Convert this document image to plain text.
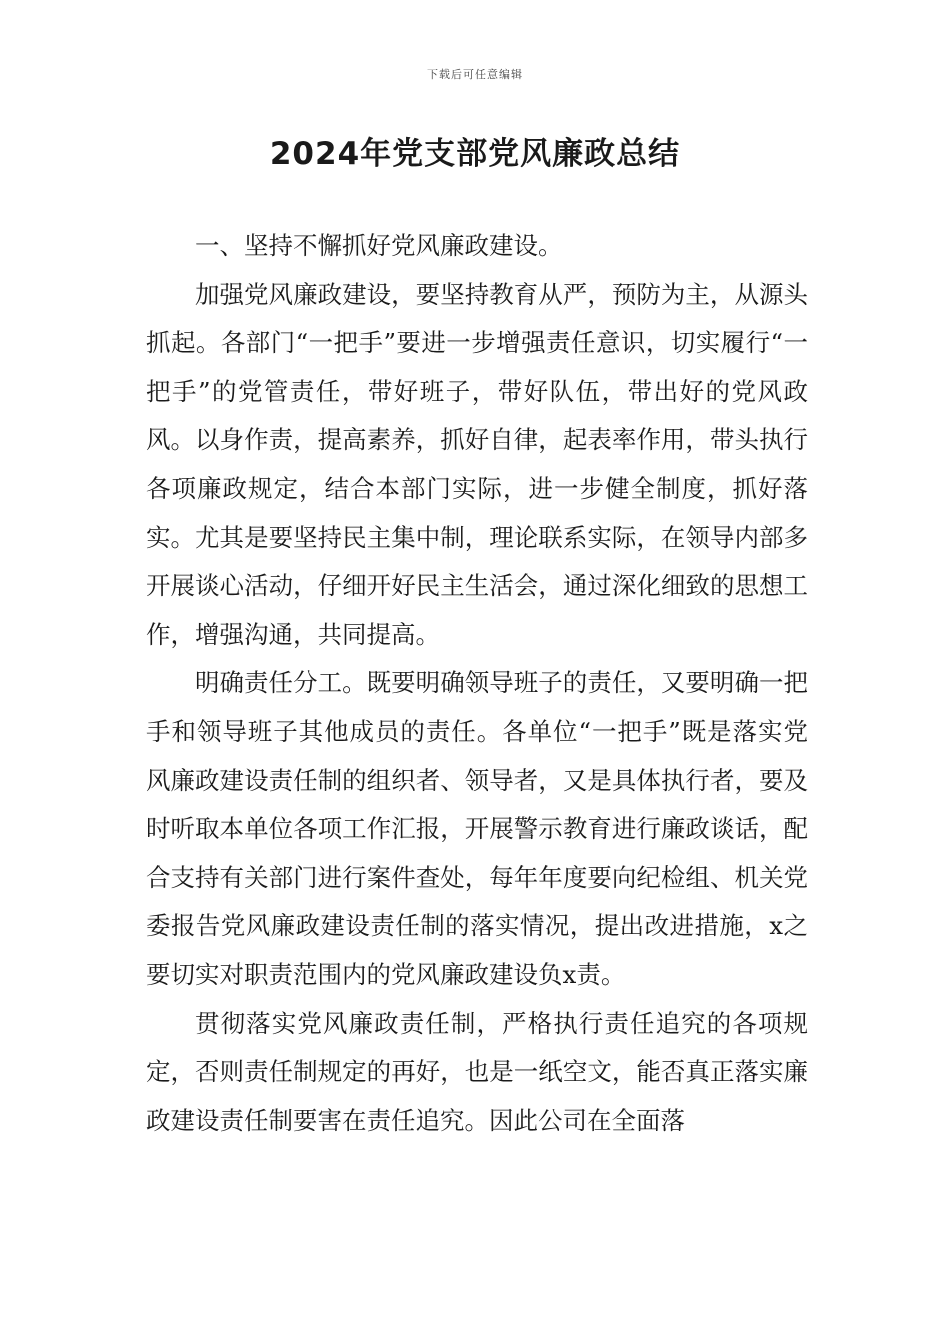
下载后可任意编辑
2024年党支部党风廉政总结

一、坚持不懈抓好党风廉政建设。

加强党风廉政建设，要坚持教育从严，预防为主，从源头抓起。各部门“一把手”要进一步增强责任意识，切实履行“一把手”的党管责任，带好班子，带好队伍，带出好的党风政风。以身作责，提高素养，抓好自律，起表率作用，带头执行各项廉政规定，结合本部门实际，进一步健全制度，抓好落实。尤其是要坚持民主集中制，理论联系实际，在领导内部多开展谈心活动，仔细开好民主生活会，通过深化细致的思想工作，增强沟通，共同提高。

明确责任分工。既要明确领导班子的责任，又要明确一把手和领导班子其他成员的责任。各单位“一把手”既是落实党风廉政建设责任制的组织者、领导者，又是具体执行者，要及时听取本单位各项工作汇报，开展警示教育进行廉政谈话，配合支持有关部门进行案件查处，每年年度要向纪检组、机关党委报告党风廉政建设责任制的落实情况，提出改进措施，x之要切实对职责范围内的党风廉政建设负x责。

贯彻落实党风廉政责任制，严格执行责任追究的各项规定，否则责任制规定的再好，也是一纸空文，能否真正落实廉政建设责任制要害在责任追究。因此公司在全面落
